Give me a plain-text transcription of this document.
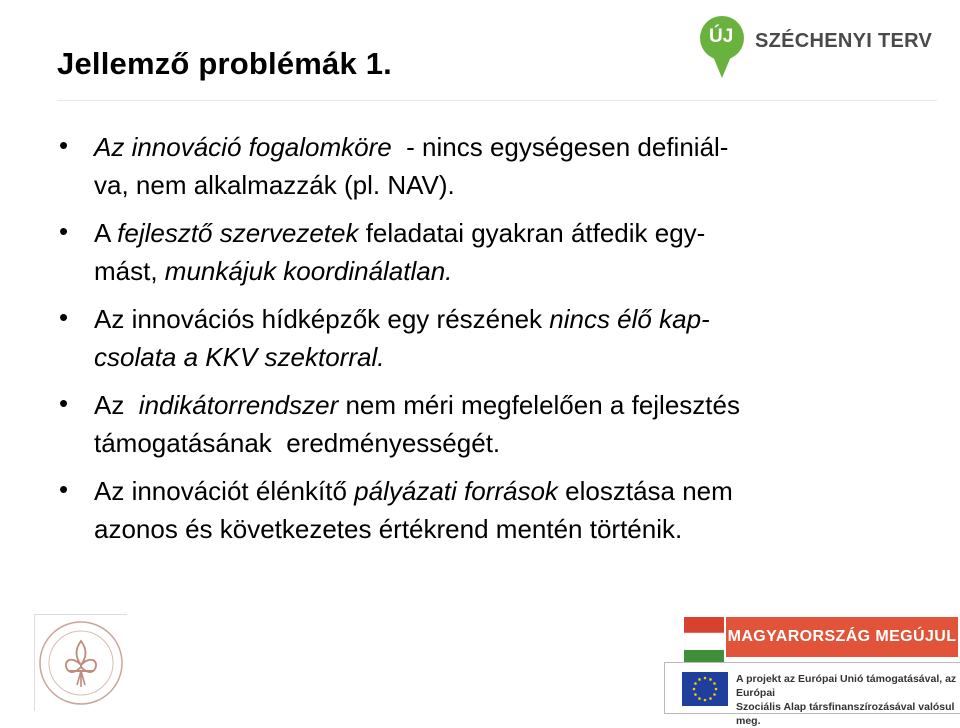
Jellemző problémák 1.
ÚJ SZÉCHENYI TERV
•
Az innováció fogalomköre  - nincs egységesen definiál-
va, nem alkalmazzák (pl. NAV).
•
A fejlesztő szervezetek feladatai gyakran átfedik egy-
mást, munkájuk koordinálatlan.
•
Az innovációs hídképzők egy részének nincs élő kap-
csolata a KKV szektorral.
•
Az  indikátorrendszer nem méri megfelelően a fejlesztés
támogatásának  eredményességét.
•
Az innovációt élénkítő pályázati források elosztása nem
azonos és következetes értékrend mentén történik.
MAGYARORSZÁG MEGÚJUL
A projekt az Európai Unió támogatásával, az Európai
Szociális Alap társfinanszírozásával valósul meg.
